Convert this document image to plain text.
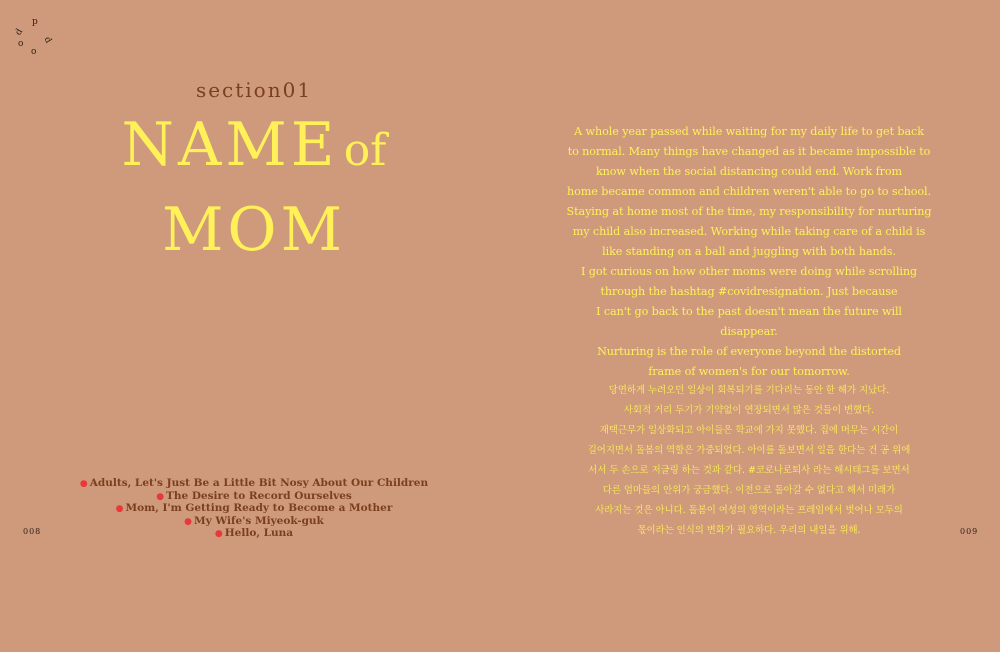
p
d
d
o
o
section01
NAME of
MOM
● Adults, Let's Just Be a Little Bit Nosy About Our Children
● The Desire to Record Ourselves
● Mom, I'm Getting Ready to Become a Mother
● My Wife's Miyeok-guk
● Hello, Luna
008
A whole year passed while waiting for my daily life to get back
to normal. Many things have changed as it became impossible to
know when the social distancing could end. Work from
home became common and children weren't able to go to school.
Staying at home most of the time, my responsibility for nurturing
my child also increased. Working while taking care of a child is
like standing on a ball and juggling with both hands.
I got curious on how other moms were doing while scrolling
through the hashtag #covidresignation. Just because
I can't go back to the past doesn't mean the future will disappear.
Nurturing is the role of everyone beyond the distorted
frame of women's for our tomorrow.
당연하게 누려오던 일상이 회복되기를 기다리는 동안 한 해가 지났다.
사회적 거리 두기가 기약없이 연장되면서 많은 것들이 변했다.
재택근무가 일상화되고 아이들은 학교에 가지 못했다. 집에 머무는 시간이
길어지면서 돌봄의 역할은 가중되었다. 아이를 돌보면서 일을 한다는 건 공 위에
서서 두 손으로 저글링 하는 것과 같다. #코로나로퇴사 라는 해시태그를 보면서
다른 엄마들의 안위가 궁금했다. 이전으로 돌아갈 수 없다고 해서 미래가
사라지는 것은 아니다. 돌봄이 여성의 영역이라는 프레임에서 벗어나 모두의
몫이라는 인식의 변화가 필요하다. 우리의 내일을 위해.	009
